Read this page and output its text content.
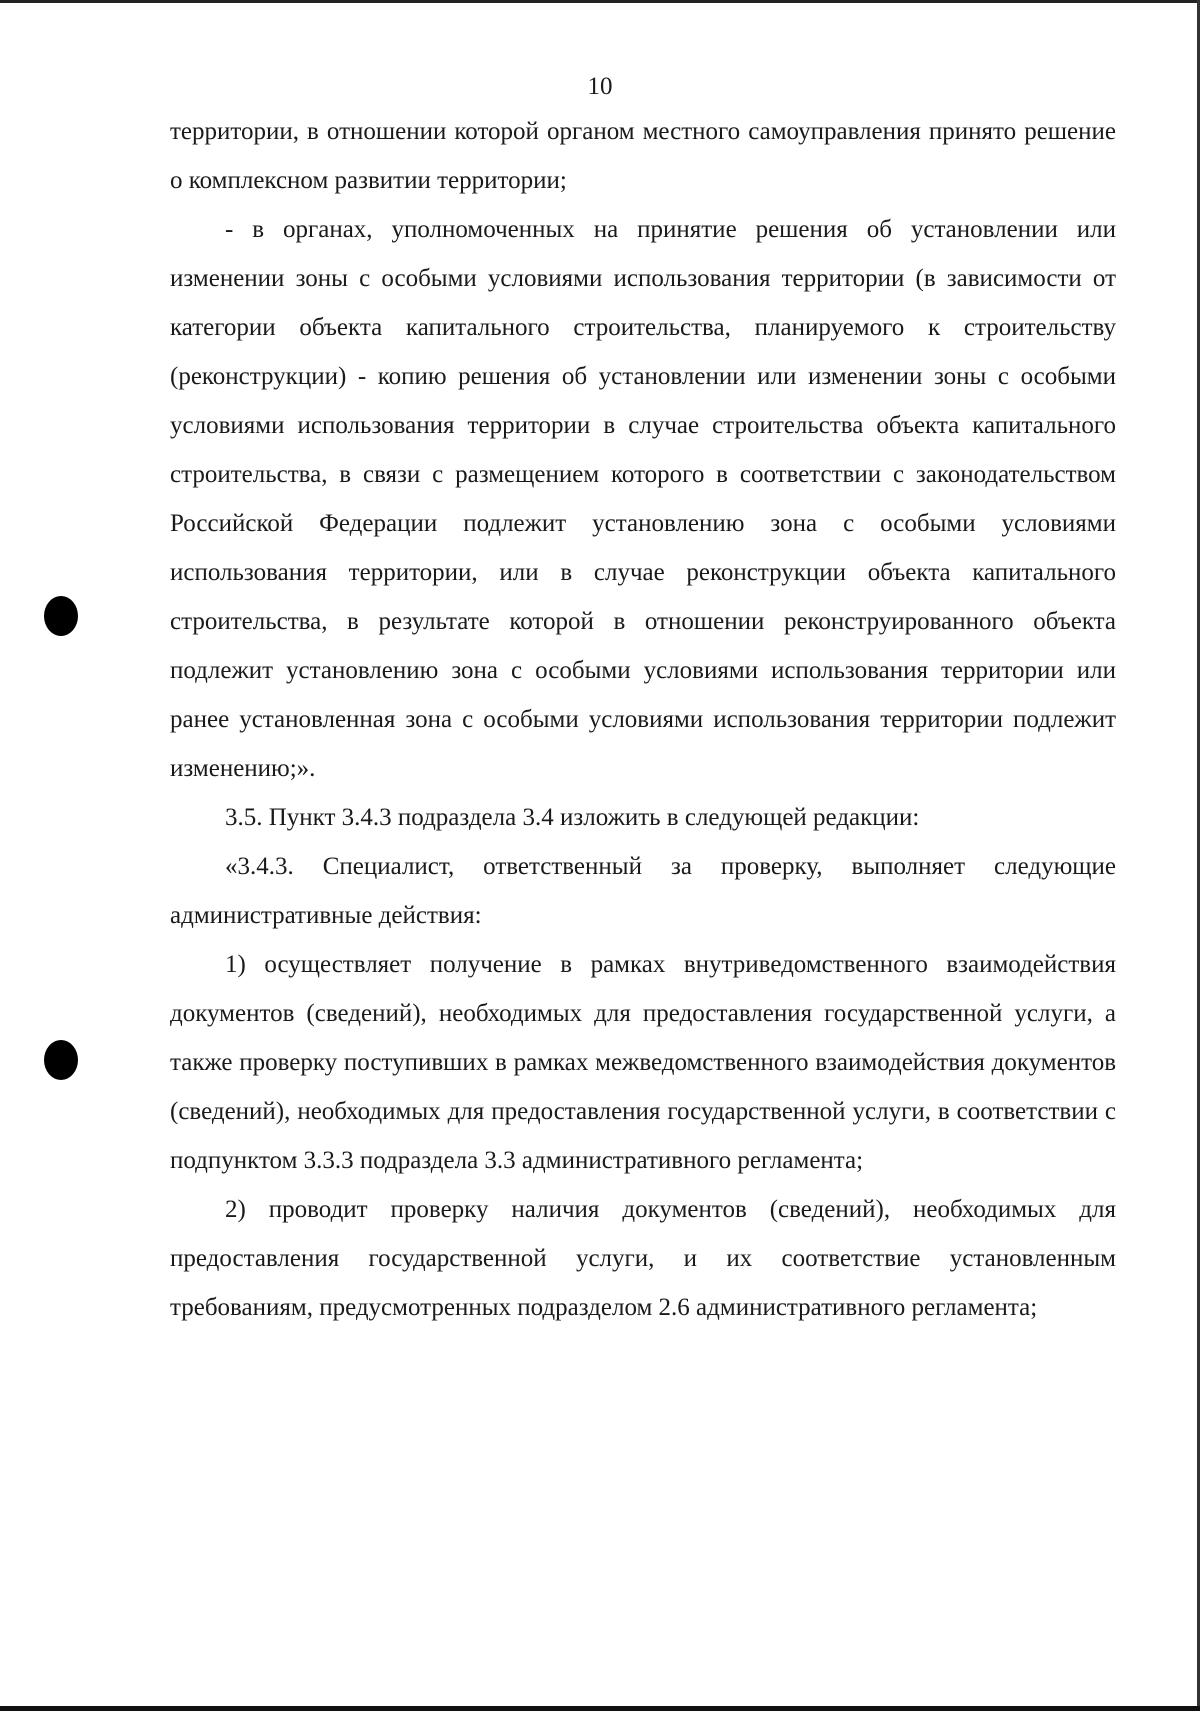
10

территории, в отношении которой органом местного самоуправления принято решение о комплексном развитии территории;

- в органах, уполномоченных на принятие решения об установлении или изменении зоны с особыми условиями использования территории (в зависимости от категории объекта капитального строительства, планируемого к строительству (реконструкции) - копию решения об установлении или изменении зоны с особыми условиями использования территории в случае строительства объекта капитального строительства, в связи с размещением которого в соответствии с законодательством Российской Федерации подлежит установлению зона с особыми условиями использования территории, или в случае реконструкции объекта капитального строительства, в результате которой в отношении реконструированного объекта подлежит установлению зона с особыми условиями использования территории или ранее установленная зона с особыми условиями использования территории подлежит изменению;».

3.5. Пункт 3.4.3 подраздела 3.4 изложить в следующей редакции:

«3.4.3. Специалист, ответственный за проверку, выполняет следующие административные действия:

1) осуществляет получение в рамках внутриведомственного взаимодействия документов (сведений), необходимых для предоставления государственной услуги, а также проверку поступивших в рамках межведомственного взаимодействия документов (сведений), необходимых для предоставления государственной услуги, в соответствии с подпунктом 3.3.3 подраздела 3.3 административного регламента;

2) проводит проверку наличия документов (сведений), необходимых для предоставления государственной услуги, и их соответствие установленным требованиям, предусмотренных подразделом 2.6 административного регламента;
